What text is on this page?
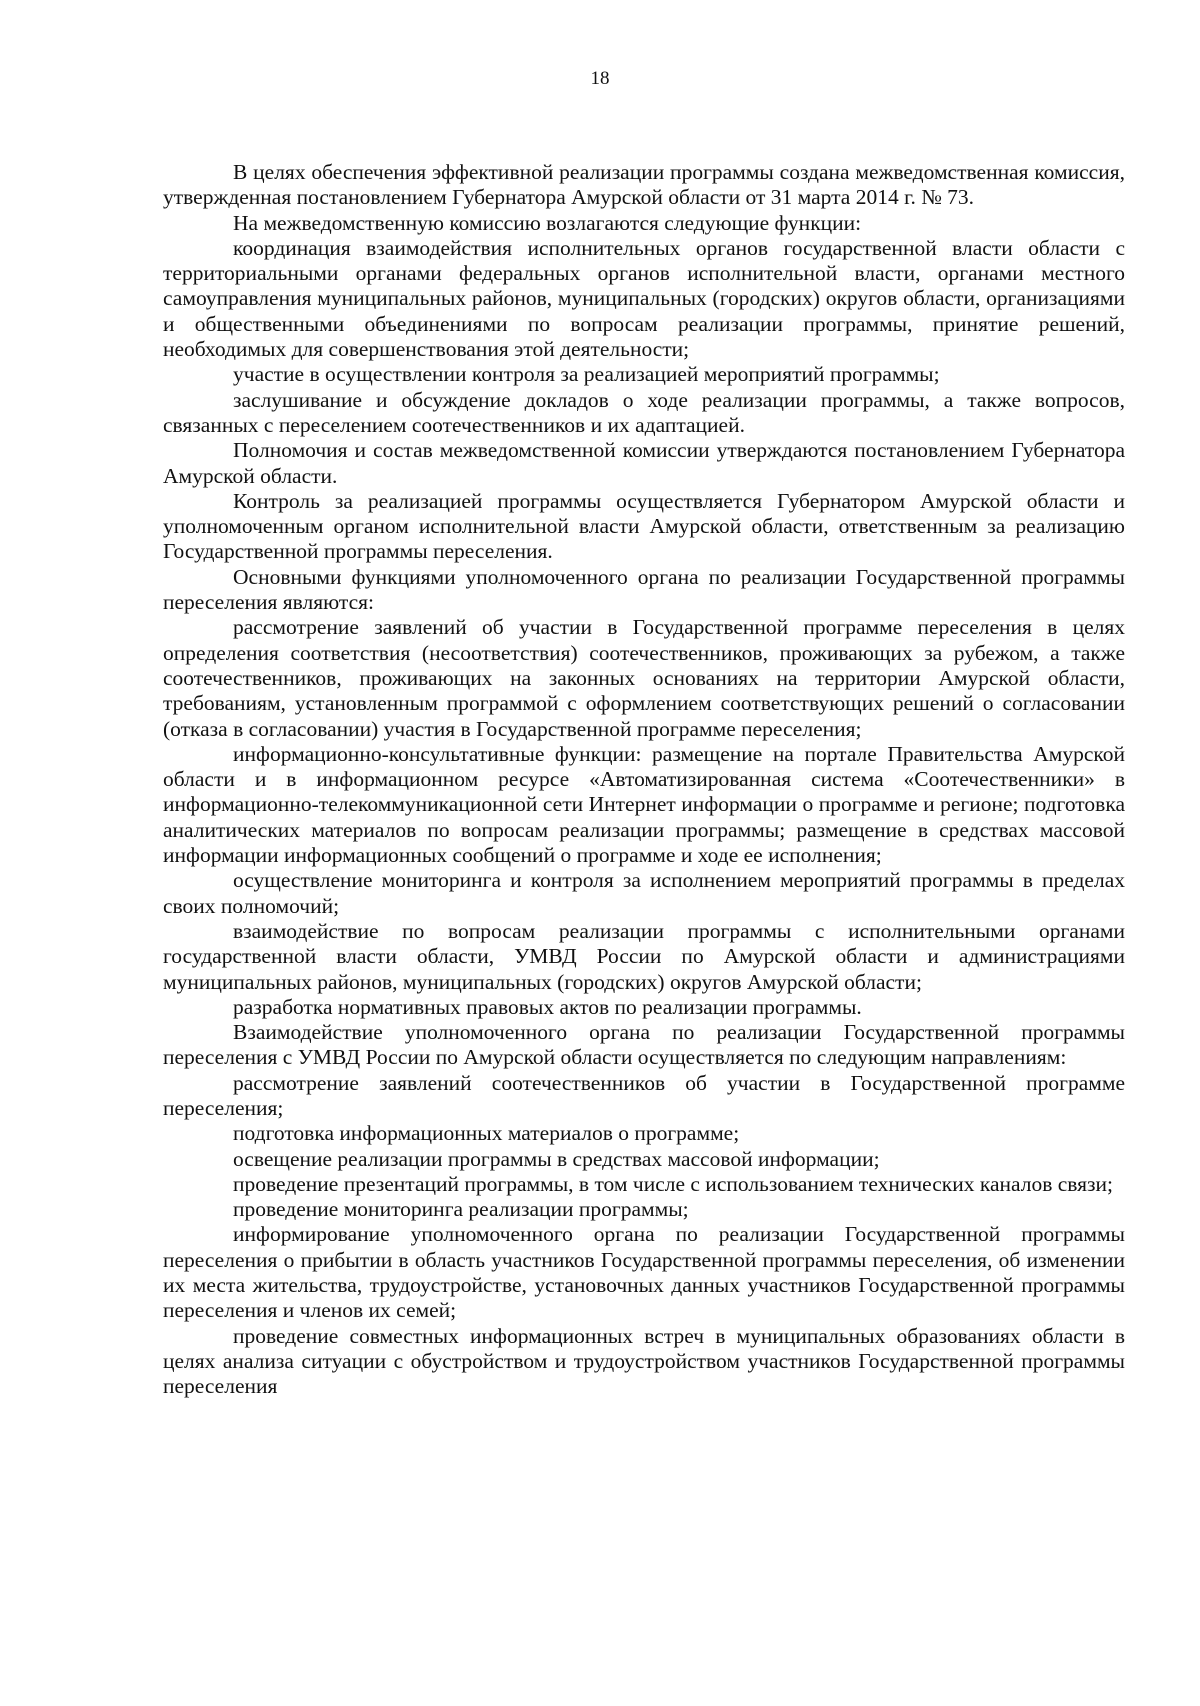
18

В целях обеспечения эффективной реализации программы создана межведомственная комиссия, утвержденная постановлением Губернатора Амурской области от 31 марта 2014 г. № 73.

На межведомственную комиссию возлагаются следующие функции:

координация взаимодействия исполнительных органов государственной власти области с территориальными органами федеральных органов исполнительной власти, органами местного самоуправления муниципальных районов, муниципальных (городских) округов области, организациями и общественными объединениями по вопросам реализации программы, принятие решений, необходимых для совершенствования этой деятельности;

участие в осуществлении контроля за реализацией мероприятий программы;

заслушивание и обсуждение докладов о ходе реализации программы, а также вопросов, связанных с переселением соотечественников и их адаптацией.

Полномочия и состав межведомственной комиссии утверждаются постановлением Губернатора Амурской области.

Контроль за реализацией программы осуществляется Губернатором Амурской области и уполномоченным органом исполнительной власти Амурской области, ответственным за реализацию Государственной программы переселения.

Основными функциями уполномоченного органа по реализации Государственной программы переселения являются:

рассмотрение заявлений об участии в Государственной программе переселения в целях определения соответствия (несоответствия) соотечественников, проживающих за рубежом, а также соотечественников, проживающих на законных основаниях на территории Амурской области, требованиям, установленным программой с оформлением соответствующих решений о согласовании (отказа в согласовании) участия в Государственной программе переселения;

информационно-консультативные функции: размещение на портале Правительства Амурской области и в информационном ресурсе «Автоматизированная система «Соотечественники» в информационно-телекоммуникационной сети Интернет информации о программе и регионе; подготовка аналитических материалов по вопросам реализации программы; размещение в средствах массовой информации информационных сообщений о программе и ходе ее исполнения;

осуществление мониторинга и контроля за исполнением мероприятий программы в пределах своих полномочий;

взаимодействие по вопросам реализации программы с исполнительными органами государственной власти области, УМВД России по Амурской области и администрациями муниципальных районов, муниципальных (городских) округов Амурской области;

разработка нормативных правовых актов по реализации программы.

Взаимодействие уполномоченного органа по реализации Государственной программы переселения с УМВД России по Амурской области осуществляется по следующим направлениям:

рассмотрение заявлений соотечественников об участии в Государственной программе переселения;

подготовка информационных материалов о программе;

освещение реализации программы в средствах массовой информации;

проведение презентаций программы, в том числе с использованием технических каналов связи;

проведение мониторинга реализации программы;

информирование уполномоченного органа по реализации Государственной программы переселения о прибытии в область участников Государственной программы переселения, об изменении их места жительства, трудоустройстве, установочных данных участников Государственной программы переселения и членов их семей;

проведение совместных информационных встреч в муниципальных образованиях области в целях анализа ситуации с обустройством и трудоустройством участников Государственной программы переселения
